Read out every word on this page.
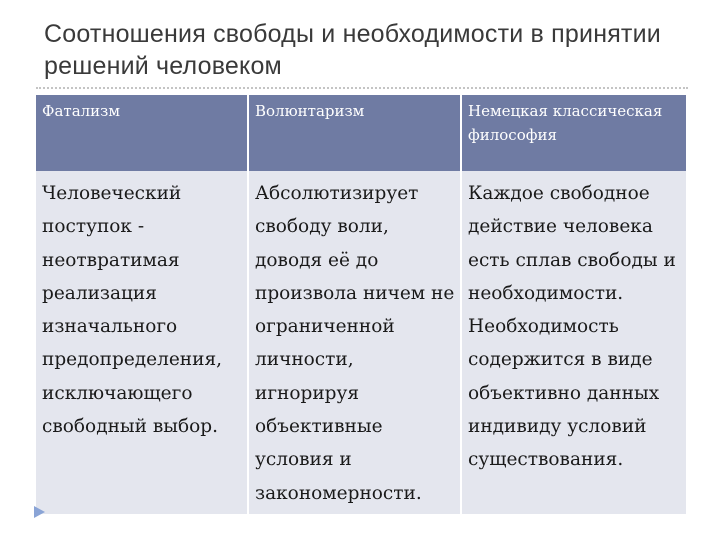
Соотношения свободы и необходимости в принятии решений человеком
Фатализм	Волюнтаризм	Немецкая классическая философия
Человеческий поступок - неотвратимая реализация изначального предопределения, исключающего свободный выбор.	Абсолютизирует свободу воли, доводя её до произвола ничем не ограниченной личности, игнорируя объективные условия и закономерности.	Каждое свободное действие человека есть сплав свободы и необходимости. Необходимость содержится в виде объективно данных индивиду условий существования.
